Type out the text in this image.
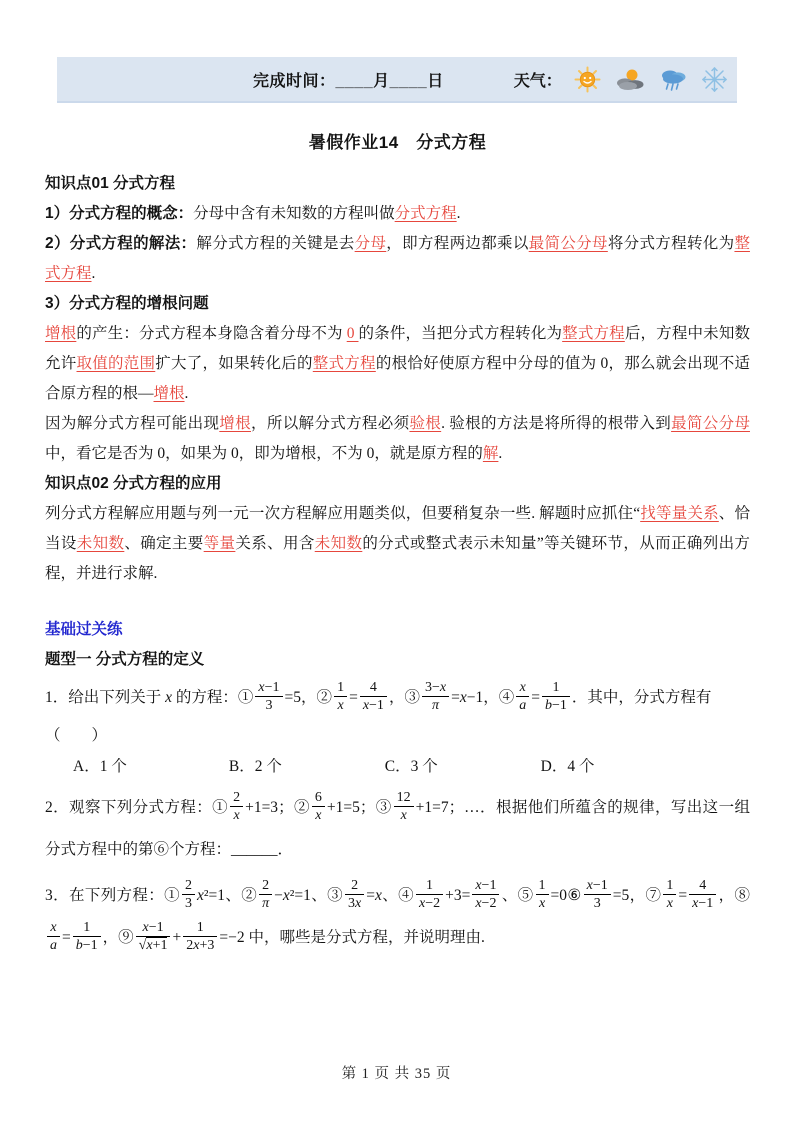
完成时间：____月____日	天气：
暑假作业14　分式方程

知识点01 分式方程

1）分式方程的概念：分母中含有未知数的方程叫做分式方程.

2）分式方程的解法：解分式方程的关键是去分母，即方程两边都乘以最简公分母将分式方程转化为整式方程.

3）分式方程的增根问题

增根的产生：分式方程本身隐含着分母不为 0 的条件，当把分式方程转化为整式方程后，方程中未知数允许取值的范围扩大了，如果转化后的整式方程的根恰好使原方程中分母的值为 0，那么就会出现不适合原方程的根—增根.

因为解分式方程可能出现增根，所以解分式方程必须验根. 验根的方法是将所得的根带入到最简公分母中，看它是否为 0，如果为 0，即为增根，不为 0，就是原方程的解.

知识点02 分式方程的应用

列分式方程解应用题与列一元一次方程解应用题类似，但要稍复杂一些. 解题时应抓住“找等量关系、恰当设未知数、确定主要等量关系、用含未知数的分式或整式表示未知量”等关键环节，从而正确列出方程，并进行求解.

基础过关练

题型一 分式方程的定义

1．给出下列关于 x 的方程：① $\frac{x-1}{3} =5$，② $\frac{1}{x} = \frac{4}{x-1}$ ，③ $\frac{3-x}{\pi} =x-1$，④ $\frac{x}{a} = \frac{1}{b-1}$ ．其中，分式方程有

（　　）

A．1 个	B．2 个	C．3 个	D．4 个

2．观察下列分式方程：① $\frac{2}{x} +1=3$；② $\frac{6}{x} +1=5$；③ $\frac{12}{x} +1=7$；…．根据他们所蕴含的规律，写出这一组分式方程中的第⑥个方程：______．

3．在下列方程：① $\frac{2}{3} x^2=1$、② $\frac{2}{\pi} -x^2=1$、③ $\frac{2}{3x} =x$、④ $\frac{1}{x-2} +3= \frac{x-1}{x-2}$ 、⑤ $\frac{1}{x}$ =0⑥ $\frac{x-1}{3} =5$，⑦ $\frac{1}{x} = \frac{4}{x-1}$ ，⑧
$\frac{x}{a} = \frac{1}{b-1}$ ，⑨ $\frac{x-1}{√x+1} + \frac{1}{2x+3} =-2$ 中，哪些是分式方程，并说明理由.

第 1 页 共 35 页
